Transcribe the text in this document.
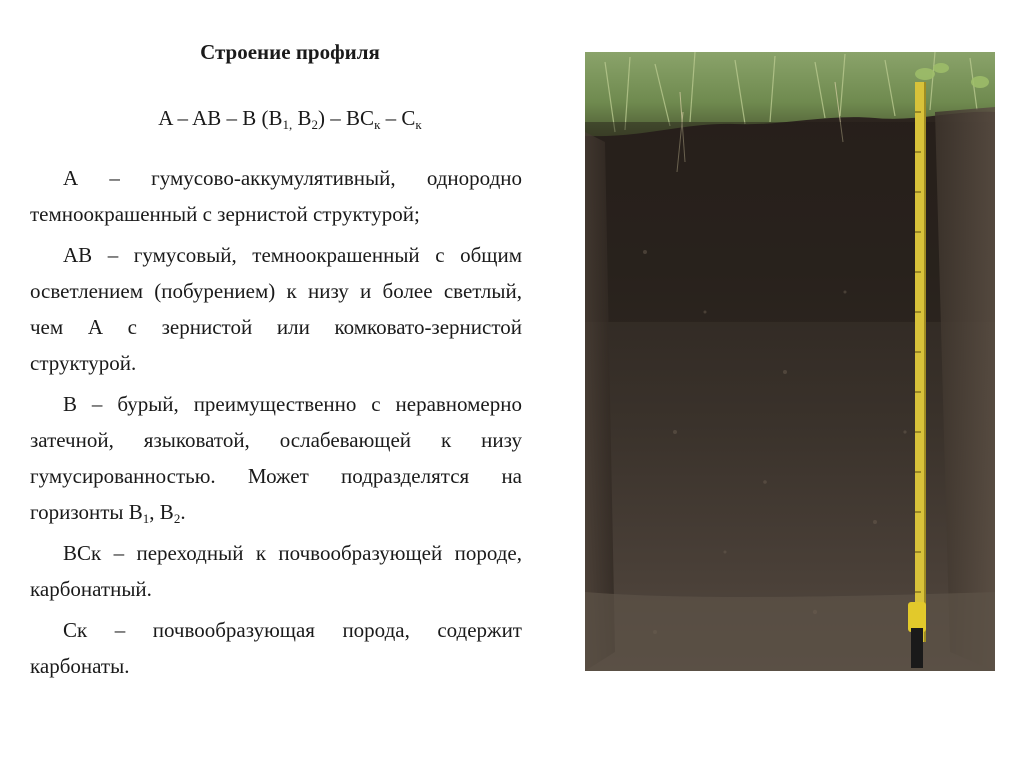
Строение профиля
A – AB – B ($B_{1,}$ $B_2) - BC_к - C_к$

А – гумусово-аккумулятивный, однородно темноокрашенный с зернистой структурой;

АВ – гумусовый, темноокрашенный с общим осветлением (побурением) к низу и более светлый, чем А с зернистой или комковато-зернистой структурой.

В – бурый, преимущественно с неравномерно затечной, языковатой, ослабевающей к низу гумусированностью. Может подразделятся на горизонты $В_1$, $В_2$.

ВСк – переходный к почвообразующей породе, карбонатный.

Ск – почвообразующая порода, содержит карбонаты.
